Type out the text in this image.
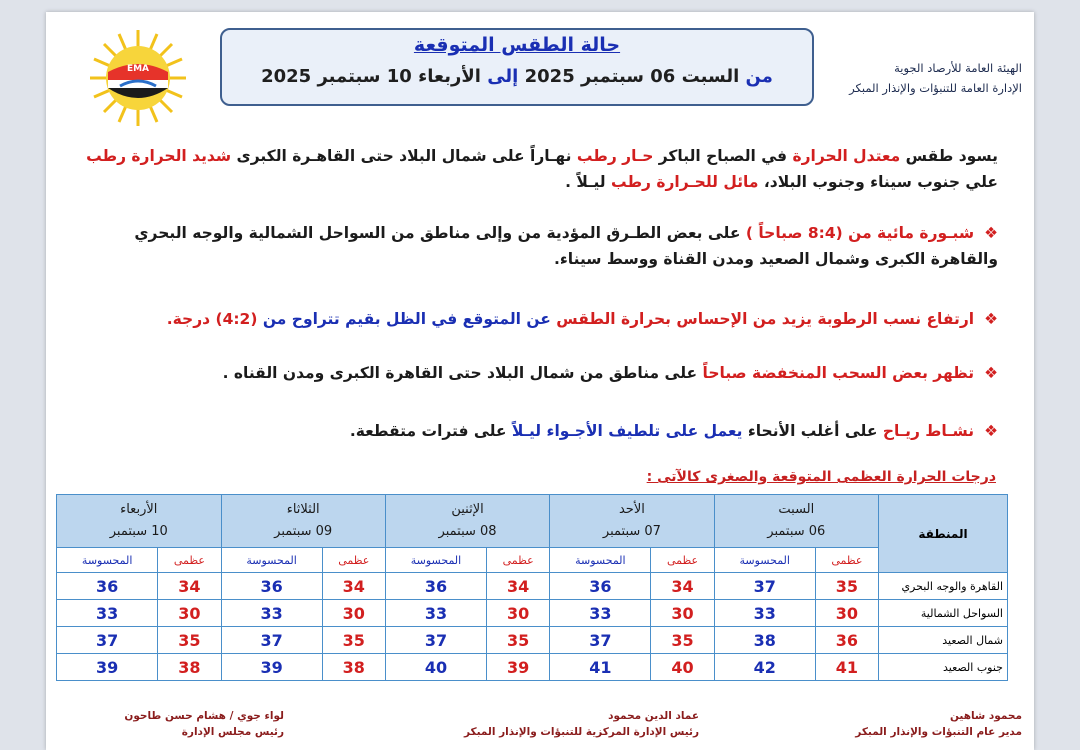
EMA
حالة الطقس المتوقعة
من السبت 06 سبتمبر 2025 إلى الأربعاء 10 سبتمبر 2025	الهيئة العامة للأرصاد الجوية
الإدارة العامة للتنبؤات والإنذار المبكر
يسود طقس معتدل الحرارة في الصباح الباكر حـار رطب نهـاراً على شمال البلاد حتى القاهـرة الكبرى شديد الحرارة رطب
علي جنوب سيناء وجنوب البلاد، مائل للحـرارة رطب ليـلاً .
❖شبـورة مائية من (8:4 صباحاً ) على بعض الطـرق المؤدية من وإلى مناطق من السواحل الشمالية والوجه البحري
والقاهرة الكبرى وشمال الصعيد ومدن القناة ووسط سيناء.
❖ارتفاع نسب الرطوبة يزيد من الإحساس بحرارة الطقس عن المتوقع في الظل بقيم تتراوح من (4:2) درجة.
❖تظهر بعض السحب المنخفضة صباحاً على مناطق من شمال البلاد حتى القاهرة الكبرى ومدن القناه .
❖نشـاط ريـاح على أغلب الأنحاء يعمل على تلطيف الأجـواء ليـلاً على فترات متقطعة.
درجات الحرارة العظمى المتوقعة والصغرى كالآتى :
المنطقة	السبت
06 سبتمبر		الأحد
07 سبتمبر		الإثنين
08 سبتمبر		الثلاثاء
09 سبتمبر		الأربعاء
10 سبتمبر	
	عظمى	المحسوسة	عظمى	المحسوسة	عظمى	المحسوسة	عظمى	المحسوسة	عظمى	المحسوسة
القاهرة والوجه البحري	35	37	34	36	34	36	34	36	34	36
السواحل الشمالية	30	33	30	33	30	33	30	33	30	33
شمال الصعيد	36	38	35	37	35	37	35	37	35	37
جنوب الصعيد	41	42	40	41	39	40	38	39	38	39
محمود شاهين
مدير عام التنبؤات والإنذار المبكر
عماد الدين محمود
رئيس الإدارة المركزية للتنبؤات والإنذار المبكر
لواء جوي / هشام حسن طاحون
رئيس مجلس الإدارة
